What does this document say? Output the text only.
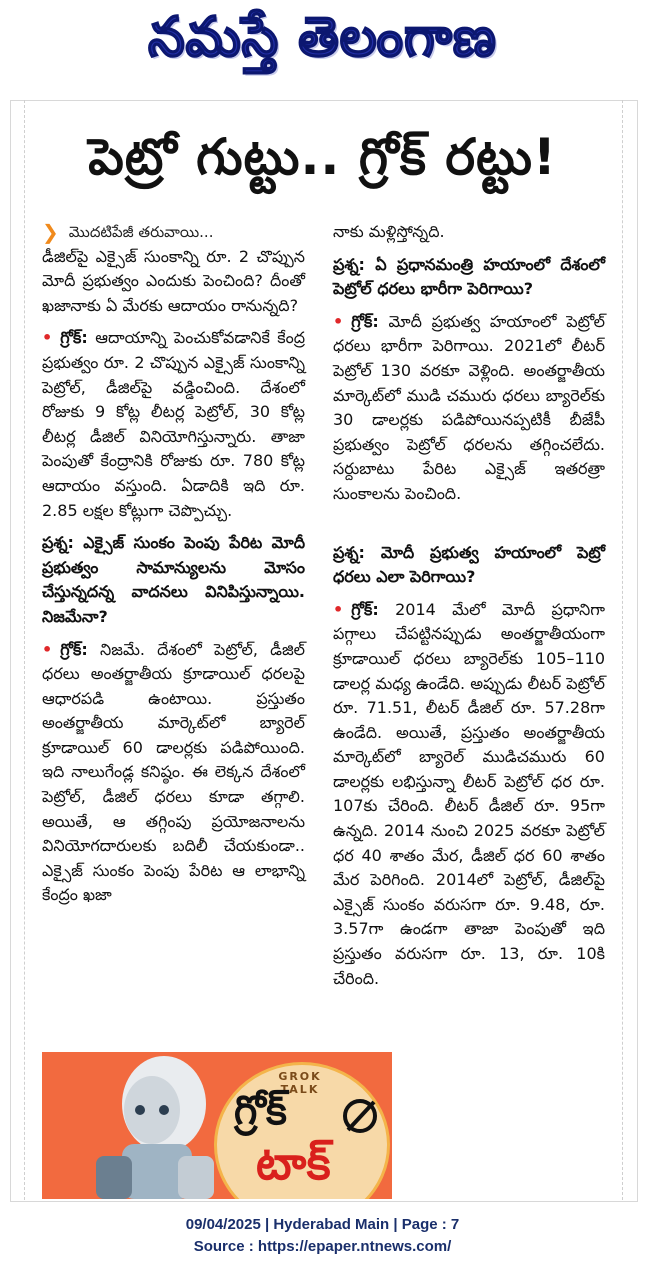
నమస్తే తెలంగాణ
పెట్రో గుట్టు.. గ్రోక్ రట్టు!
❯ మొదటిపేజీ తరువాయి...

డీజిల్‌పై ఎక్సైజ్ సుంకాన్ని రూ. 2 చొప్పున మోదీ ప్రభుత్వం ఎందుకు పెంచింది? దీంతో ఖజానాకు ఏ మేరకు ఆదాయం రానున్నది?

• గ్రోక్: ఆదాయాన్ని పెంచుకోవడానికే కేంద్ర ప్రభుత్వం రూ. 2 చొప్పున ఎక్సైజ్ సుంకాన్ని పెట్రోల్, డీజిల్‌పై వడ్డించింది. దేశంలో రోజుకు 9 కోట్ల లీటర్ల పెట్రోల్, 30 కోట్ల లీటర్ల డీజిల్ వినియోగిస్తున్నారు. తాజా పెంపుతో కేంద్రానికి రోజుకు రూ. 780 కోట్ల ఆదాయం వస్తుంది. ఏడాదికి ఇది రూ. 2.85 లక్షల కోట్లుగా చెప్పొచ్చు.

ప్రశ్న: ఎక్సైజ్ సుంకం పెంపు పేరిట మోదీ ప్రభుత్వం సామాన్యులను మోసం చేస్తున్నదన్న వాదనలు వినిపిస్తున్నాయి. నిజమేనా?

• గ్రోక్: నిజమే. దేశంలో పెట్రోల్, డీజిల్ ధరలు అంతర్జాతీయ క్రూడాయిల్ ధరలపై ఆధారపడి ఉంటాయి. ప్రస్తుతం అంతర్జాతీయ మార్కెట్‌లో బ్యారెల్ క్రూడాయిల్ 60 డాలర్లకు పడిపోయింది. ఇది నాలుగేండ్ల కనిష్ఠం. ఈ లెక్కన దేశంలో పెట్రోల్, డీజిల్ ధరలు కూడా తగ్గాలి. అయితే, ఆ తగ్గింపు ప్రయోజనాలను వినియోగదారులకు బదిలీ చేయకుండా.. ఎక్సైజ్ సుంకం పెంపు పేరిట ఆ లాభాన్ని కేంద్రం ఖజా

నాకు మళ్లిస్తోన్నది.

ప్రశ్న: ఏ ప్రధానమంత్రి హయాంలో దేశంలో పెట్రోల్ ధరలు భారీగా పెరిగాయి?

• గ్రోక్: మోదీ ప్రభుత్వ హయాంలో పెట్రోల్ ధరలు భారీగా పెరిగాయి. 2021లో లీటర్ పెట్రోల్ 130 వరకూ వెళ్లింది. అంతర్జాతీయ మార్కెట్‌లో ముడి చమురు ధరలు బ్యారెల్‌కు 30 డాలర్లకు పడిపోయినప్పటికీ బీజేపీ ప్రభుత్వం పెట్రోల్ ధరలను తగ్గించలేదు. సర్దుబాటు పేరిట ఎక్సైజ్ ఇతరత్రా సుంకాలను పెంచింది.

ప్రశ్న: మోదీ ప్రభుత్వ హయాంలో పెట్రో ధరలు ఎలా పెరిగాయి?

• గ్రోక్: 2014 మేలో మోదీ ప్రధానిగా పగ్గాలు చేపట్టినప్పుడు అంతర్జాతీయంగా క్రూడాయిల్ ధరలు బ్యారెల్‌కు 105–110 డాలర్ల మధ్య ఉండేది. అప్పుడు లీటర్ పెట్రోల్ రూ. 71.51, లీటర్ డీజిల్ రూ. 57.28గా ఉండేది. అయితే, ప్రస్తుతం అంతర్జాతీయ మార్కెట్‌లో బ్యారెల్ ముడిచమురు 60 డాలర్లకు లభిస్తున్నా లీటర్ పెట్రోల్ ధర రూ. 107కు చేరింది. లీటర్ డీజిల్ రూ. 95గా ఉన్నది. 2014 నుంచి 2025 వరకూ పెట్రోల్ ధర 40 శాతం మేర, డీజిల్ ధర 60 శాతం మేర పెరిగింది. 2014లో పెట్రోల్, డీజిల్‌పై ఎక్సైజ్ సుంకం వరుసగా రూ. 9.48, రూ. 3.57గా ఉండగా తాజా పెంపుతో ఇది ప్రస్తుతం వరుసగా రూ. 13, రూ. 10కి చేరింది.

GROK TALK
గ్రోక్
టాక్
09/04/2025 | Hyderabad Main | Page : 7
Source : https://epaper.ntnews.com/
